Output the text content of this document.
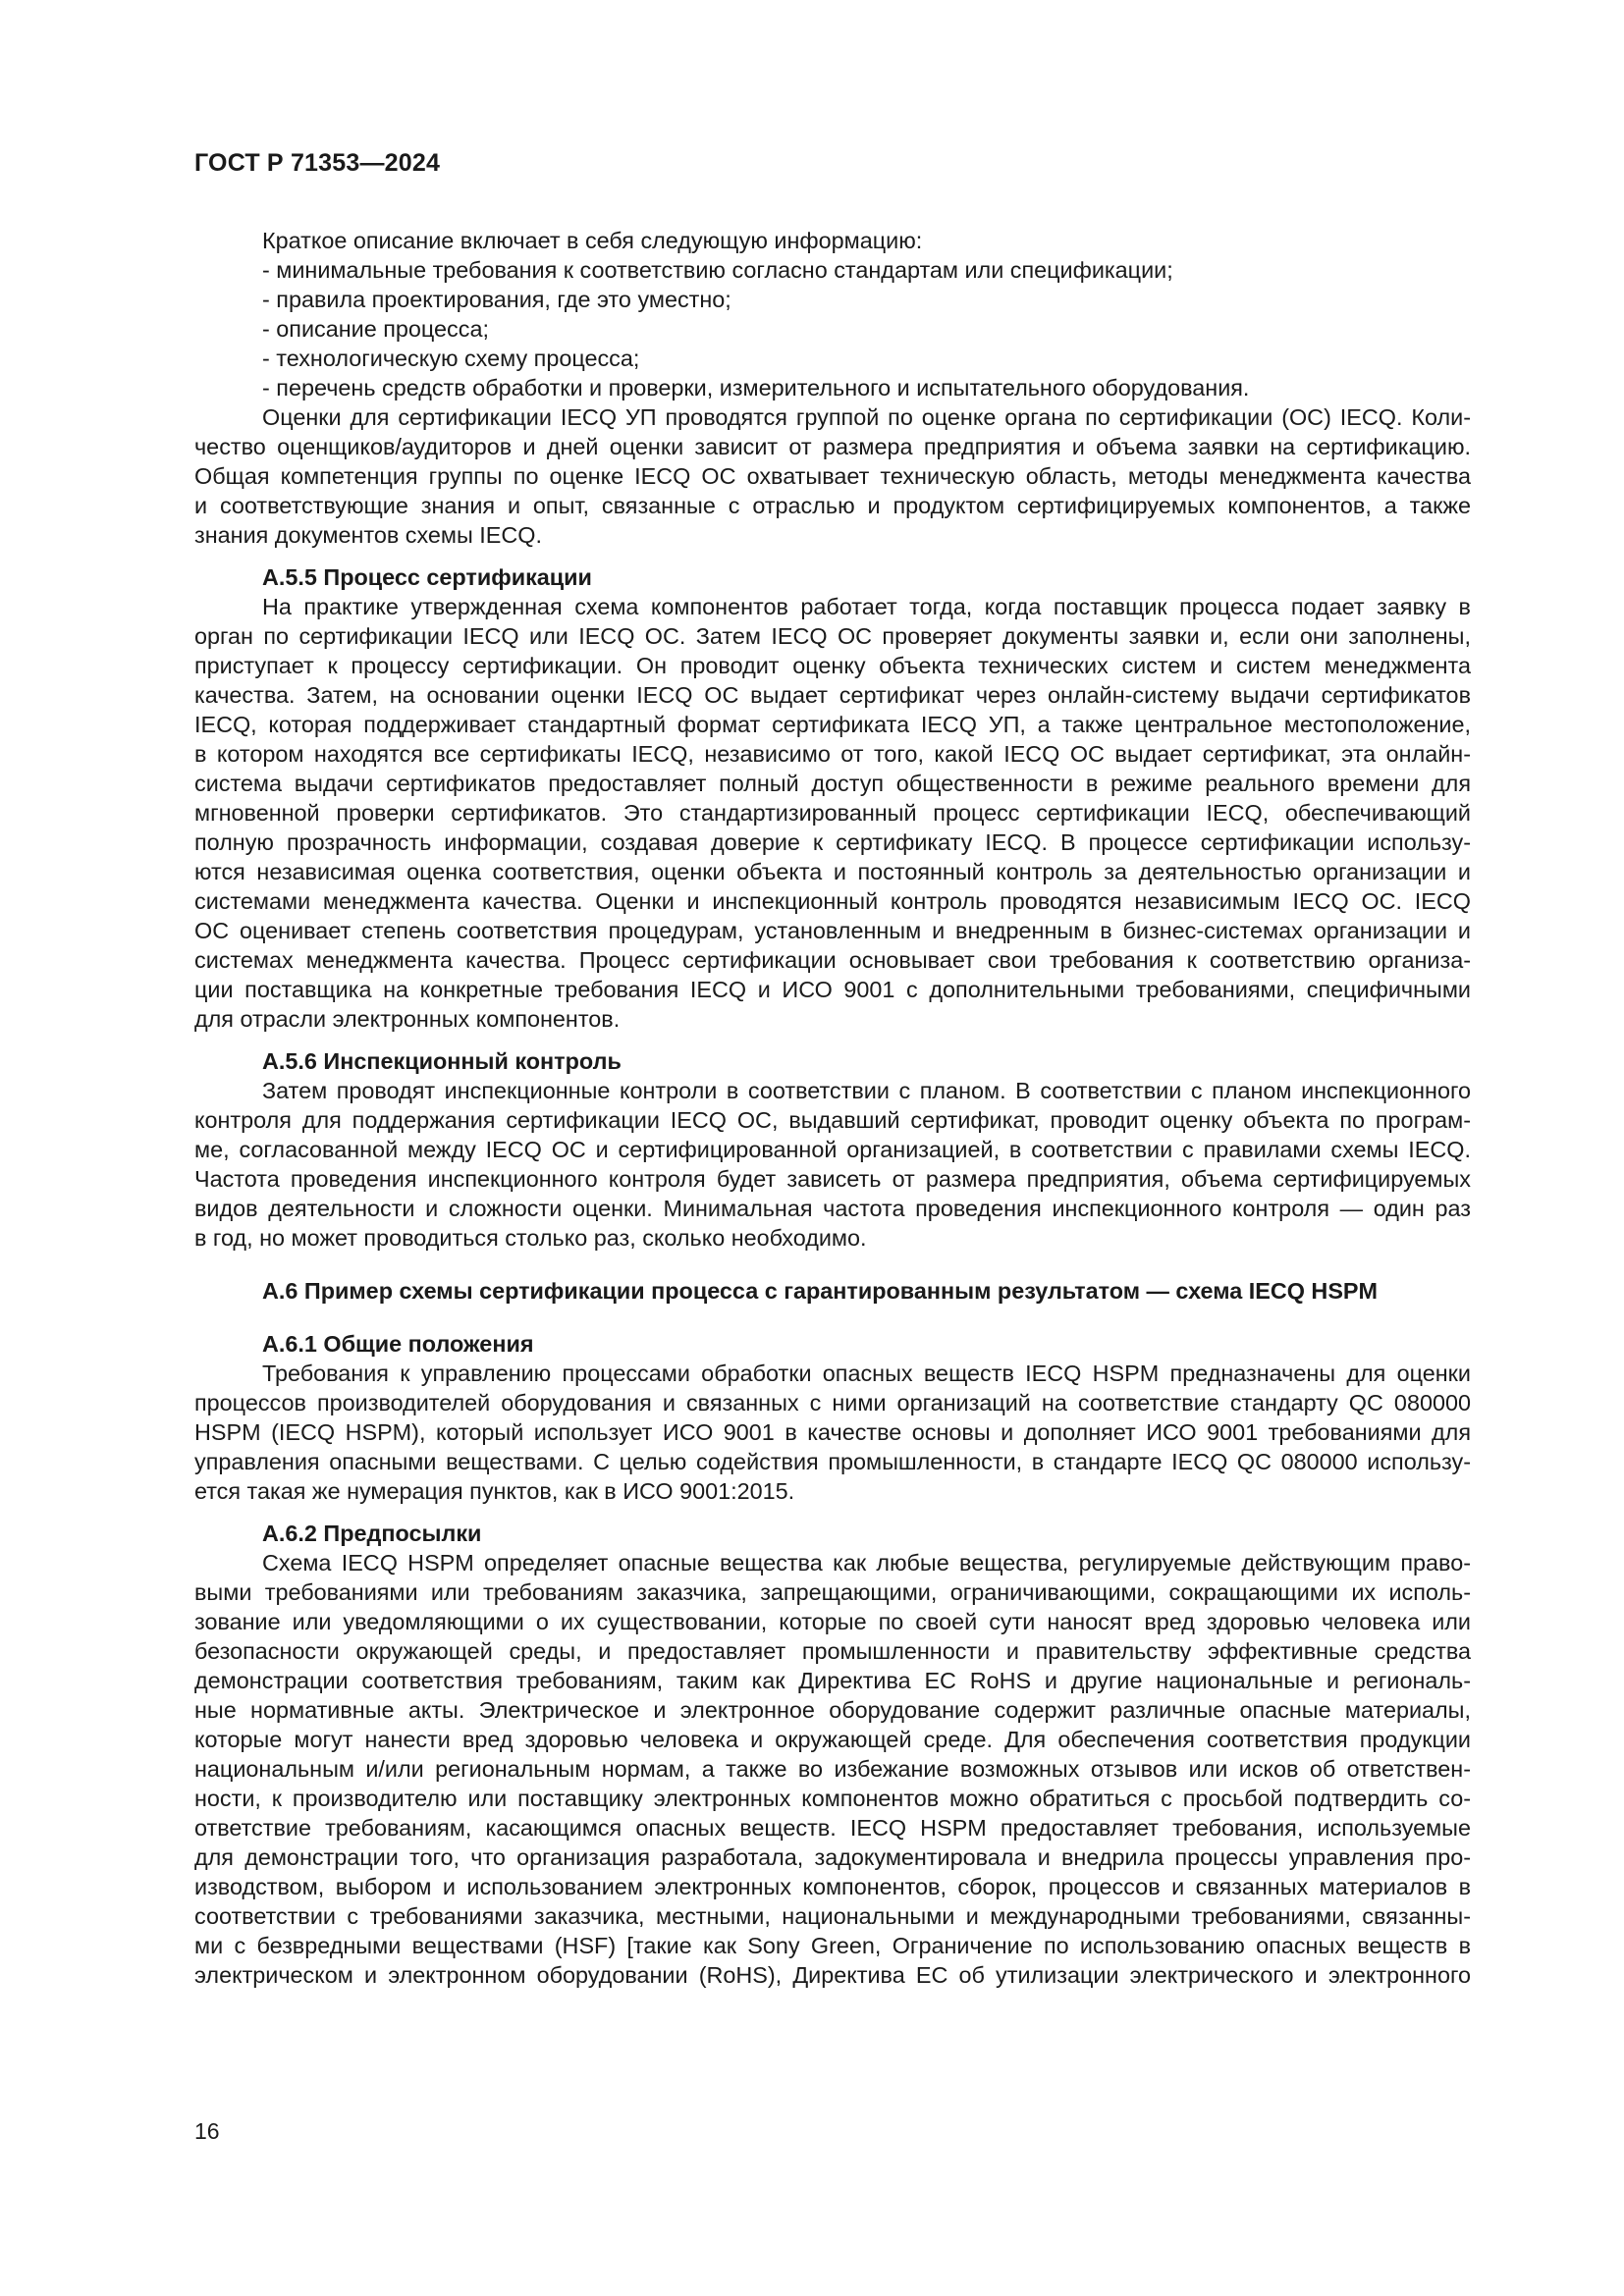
ГОСТ Р 71353—2024
Краткое описание включает в себя следующую информацию:
- минимальные требования к соответствию согласно стандартам или спецификации;
- правила проектирования, где это уместно;
- описание процесса;
- технологическую схему процесса;
- перечень средств обработки и проверки, измерительного и испытательного оборудования.
Оценки для сертификации IECQ УП проводятся группой по оценке органа по сертификации (ОС) IECQ. Коли-
чество оценщиков/аудиторов и дней оценки зависит от размера предприятия и объема заявки на сертификацию.
Общая компетенция группы по оценке IECQ ОС охватывает техническую область, методы менеджмента качества
и соответствующие знания и опыт, связанные с отраслью и продуктом сертифицируемых компонентов, а также
знания документов схемы IECQ.
А.5.5 Процесс сертификации
На практике утвержденная схема компонентов работает тогда, когда поставщик процесса подает заявку в
орган по сертификации IECQ или IECQ ОС. Затем IECQ ОС проверяет документы заявки и, если они заполнены,
приступает к процессу сертификации. Он проводит оценку объекта технических систем и систем менеджмента
качества. Затем, на основании оценки IECQ ОС выдает сертификат через онлайн-систему выдачи сертификатов
IECQ, которая поддерживает стандартный формат сертификата IECQ УП, а также центральное местоположение,
в котором находятся все сертификаты IECQ, независимо от того, какой IECQ ОС выдает сертификат, эта онлайн-
система выдачи сертификатов предоставляет полный доступ общественности в режиме реального времени для
мгновенной проверки сертификатов. Это стандартизированный процесс сертификации IECQ, обеспечивающий
полную прозрачность информации, создавая доверие к сертификату IECQ. В процессе сертификации использу-
ются независимая оценка соответствия, оценки объекта и постоянный контроль за деятельностью организации и
системами менеджмента качества. Оценки и инспекционный контроль проводятся независимым IECQ ОС. IECQ
ОС оценивает степень соответствия процедурам, установленным и внедренным в бизнес-системах организации и
системах менеджмента качества. Процесс сертификации основывает свои требования к соответствию организа-
ции поставщика на конкретные требования IECQ и ИСО 9001 с дополнительными требованиями, специфичными
для отрасли электронных компонентов.
А.5.6 Инспекционный контроль
Затем проводят инспекционные контроли в соответствии с планом. В соответствии с планом инспекционного
контроля для поддержания сертификации IECQ ОС, выдавший сертификат, проводит оценку объекта по програм-
ме, согласованной между IECQ ОС и сертифицированной организацией, в соответствии с правилами схемы IECQ.
Частота проведения инспекционного контроля будет зависеть от размера предприятия, объема сертифицируемых
видов деятельности и сложности оценки. Минимальная частота проведения инспекционного контроля — один раз
в год, но может проводиться столько раз, сколько необходимо.
А.6 Пример схемы сертификации процесса с гарантированным результатом — схема IECQ HSPM
А.6.1 Общие положения
Требования к управлению процессами обработки опасных веществ IECQ HSPM предназначены для оценки
процессов производителей оборудования и связанных с ними организаций на соответствие стандарту QC 080000
HSPM (IECQ HSPM), который использует ИСО 9001 в качестве основы и дополняет ИСО 9001 требованиями для
управления опасными веществами. С целью содействия промышленности, в стандарте IECQ QC 080000 использу-
ется такая же нумерация пунктов, как в ИСО 9001:2015.
А.6.2 Предпосылки
Схема IECQ HSPM определяет опасные вещества как любые вещества, регулируемые действующим право-
выми требованиями или требованиям заказчика, запрещающими, ограничивающими, сокращающими их исполь-
зование или уведомляющими о их существовании, которые по своей сути наносят вред здоровью человека или
безопасности окружающей среды, и предоставляет промышленности и правительству эффективные средства
демонстрации соответствия требованиям, таким как Директива ЕС RoHS и другие национальные и региональ-
ные нормативные акты. Электрическое и электронное оборудование содержит различные опасные материалы,
которые могут нанести вред здоровью человека и окружающей среде. Для обеспечения соответствия продукции
национальным и/или региональным нормам, а также во избежание возможных отзывов или исков об ответствен-
ности, к производителю или поставщику электронных компонентов можно обратиться с просьбой подтвердить со-
ответствие требованиям, касающимся опасных веществ. IECQ HSPM предоставляет требования, используемые
для демонстрации того, что организация разработала, задокументировала и внедрила процессы управления про-
изводством, выбором и использованием электронных компонентов, сборок, процессов и связанных материалов в
соответствии с требованиями заказчика, местными, национальными и международными требованиями, связанны-
ми с безвредными веществами (HSF) [такие как Sony Green, Ограничение по использованию опасных веществ в
электрическом и электронном оборудовании (RoHS), Директива ЕС об утилизации электрического и электронного
16
